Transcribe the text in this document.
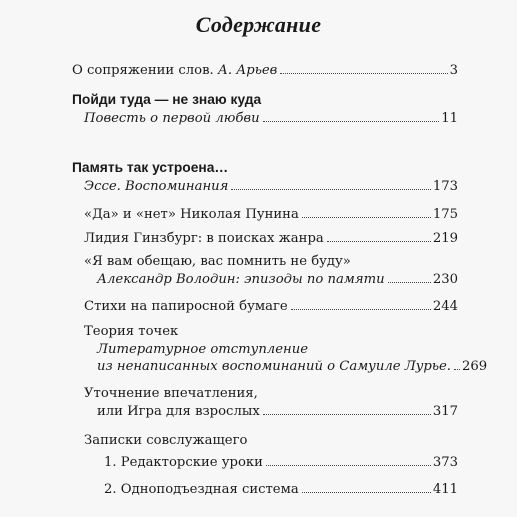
Содержание
О сопряжении слов. А. Арьев	3
Пойди туда — не знаю куда
Повесть о первой любви	11
Память так устроена…
Эссе. Воспоминания	173
«Да» и «нет» Николая Пунина	175
Лидия Гинзбург: в поисках жанра	219
«Я вам обещаю, вас помнить не буду»
Александр Володин: эпизоды по памяти	230
Стихи на папиросной бумаге	244
Теория точек
Литературное отступление
из ненаписанных воспоминаний о Самуиле Лурье. 269
Уточнение впечатления,
или Игра для взрослых	317
Записки совслужащего
1. Редакторские уроки	373
2. Одноподъездная система	411
